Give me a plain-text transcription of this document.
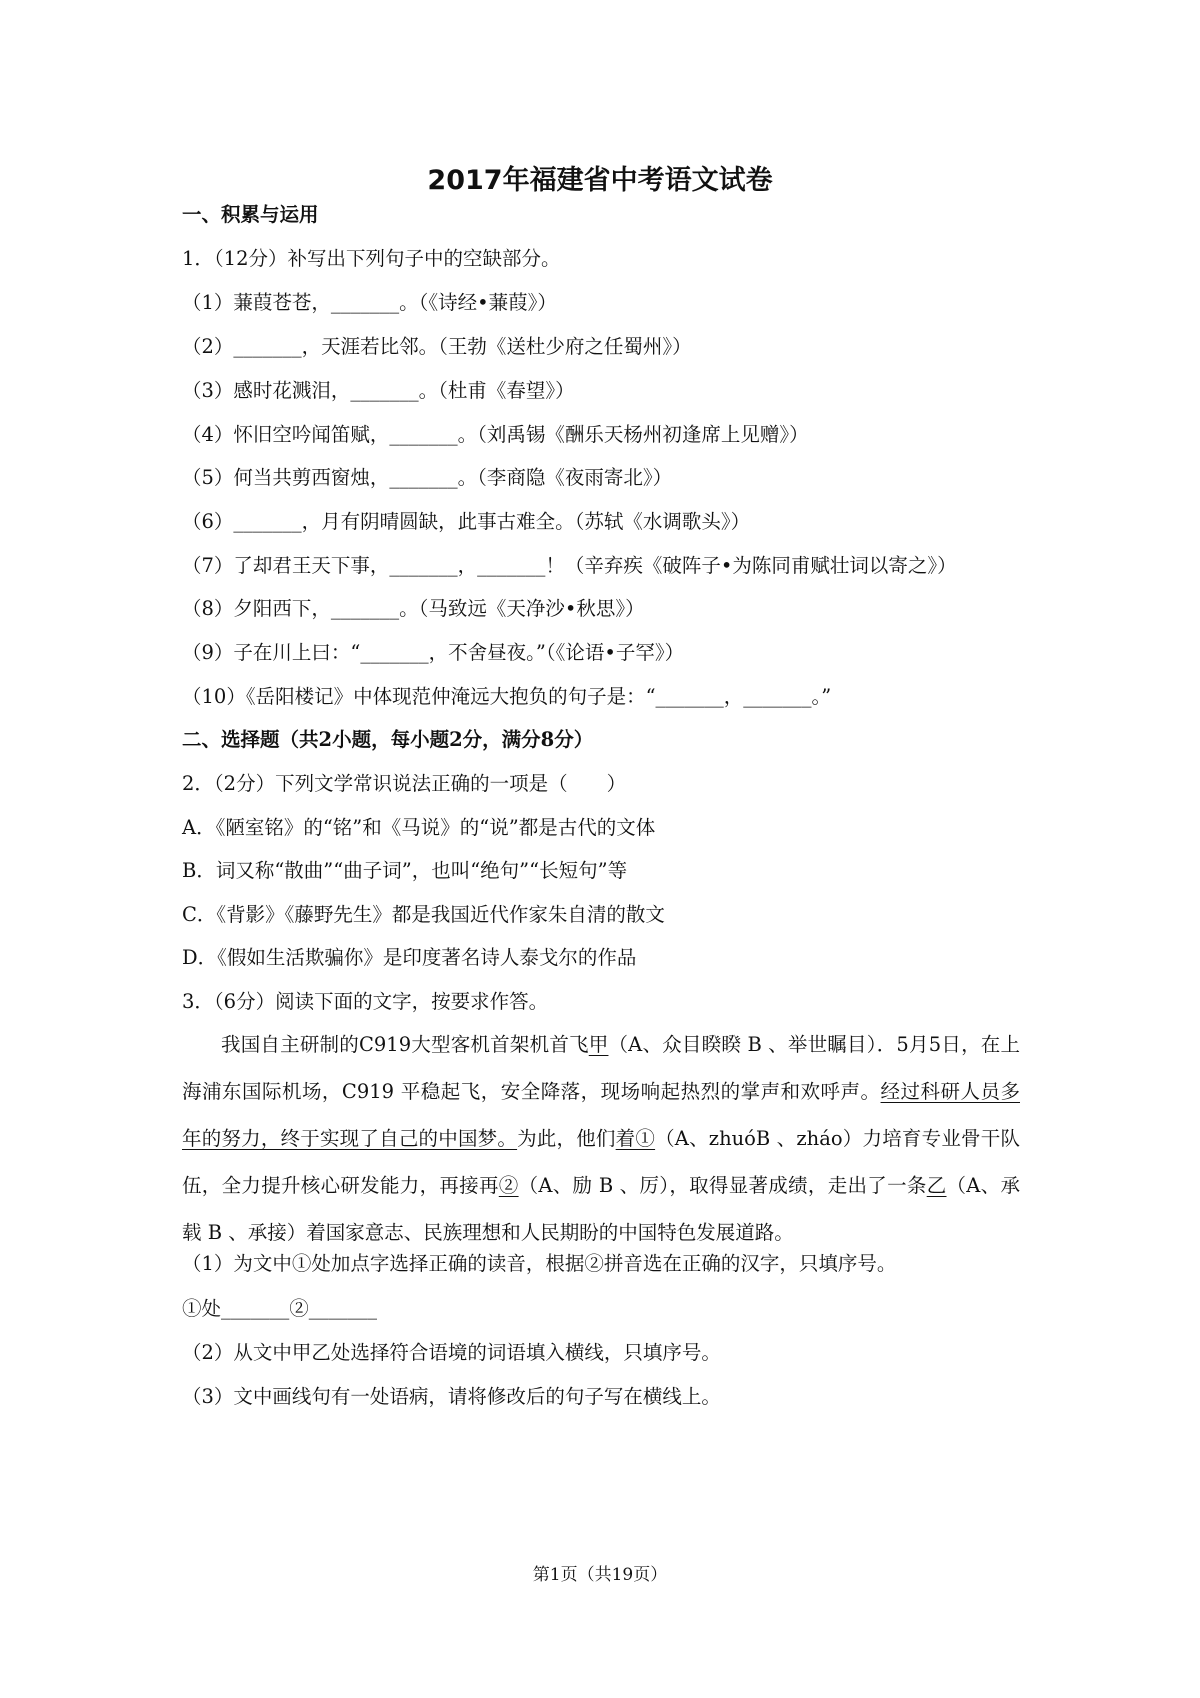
2017年福建省中考语文试卷
一、积累与运用
1．（12分）补写出下列句子中的空缺部分。
（1）蒹葭苍苍，_______。（《诗经•蒹葭》）
（2）_______，天涯若比邻。（王勃《送杜少府之任蜀州》）
（3）感时花溅泪，_______。（杜甫《春望》）
（4）怀旧空吟闻笛赋，_______。（刘禹锡《酬乐天杨州初逢席上见赠》）
（5）何当共剪西窗烛，_______。（李商隐《夜雨寄北》）
（6）_______，月有阴晴圆缺，此事古难全。（苏轼《水调歌头》）
（7）了却君王天下事，_______，_______！（辛弃疾《破阵子•为陈同甫赋壮词以寄之》）
（8）夕阳西下，_______。（马致远《天净沙•秋思》）
（9）子在川上曰：“_______，不舍昼夜。”（《论语•子罕》）
（10）《岳阳楼记》中体现范仲淹远大抱负的句子是：“_______，_______。”
二、选择题（共2小题，每小题2分，满分8分）
2．（2分）下列文学常识说法正确的一项是（　　）
A．《陋室铭》的“铭”和《马说》的“说”都是古代的文体
B．词又称“散曲”“曲子词”，也叫“绝句”“长短句”等
C．《背影》《藤野先生》都是我国近代作家朱自清的散文
D．《假如生活欺骗你》是印度著名诗人泰戈尔的作品
3．（6分）阅读下面的文字，按要求作答。
我国自主研制的C919大型客机首架机首飞甲（A、众目睽睽 B 、举世瞩目）．5月5日，在上海浦东国际机场，C919 平稳起飞，安全降落，现场响起热烈的掌声和欢呼声。经过科研人员多年的努力，终于实现了自己的中国梦。为此，他们着①（A、zhuóB 、zháo）力培育专业骨干队伍，全力提升核心研发能力，再接再②（A、励 B 、厉），取得显著成绩，走出了一条乙（A、承载 B 、承接）着国家意志、民族理想和人民期盼的中国特色发展道路。
（1）为文中①处加点字选择正确的读音，根据②拼音选在正确的汉字，只填序号。
①处_______②_______
（2）从文中甲乙处选择符合语境的词语填入横线，只填序号。
（3）文中画线句有一处语病，请将修改后的句子写在横线上。
第1页（共19页）
